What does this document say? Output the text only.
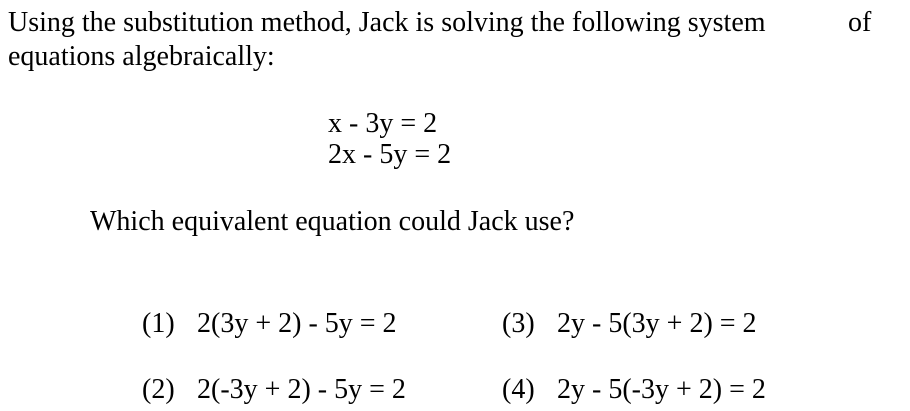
Using the substitution method, Jack is solving the following system	of
equations algebraically:
x - 3y = 2
2x - 5y = 2
Which equivalent equation could Jack use?

(1) 2(3y + 2) - 5y = 2

(2) 2(-3y + 2) - 5y = 2

(3) 2y - 5(3y + 2) = 2

(4) 2y - 5(-3y + 2) = 2
